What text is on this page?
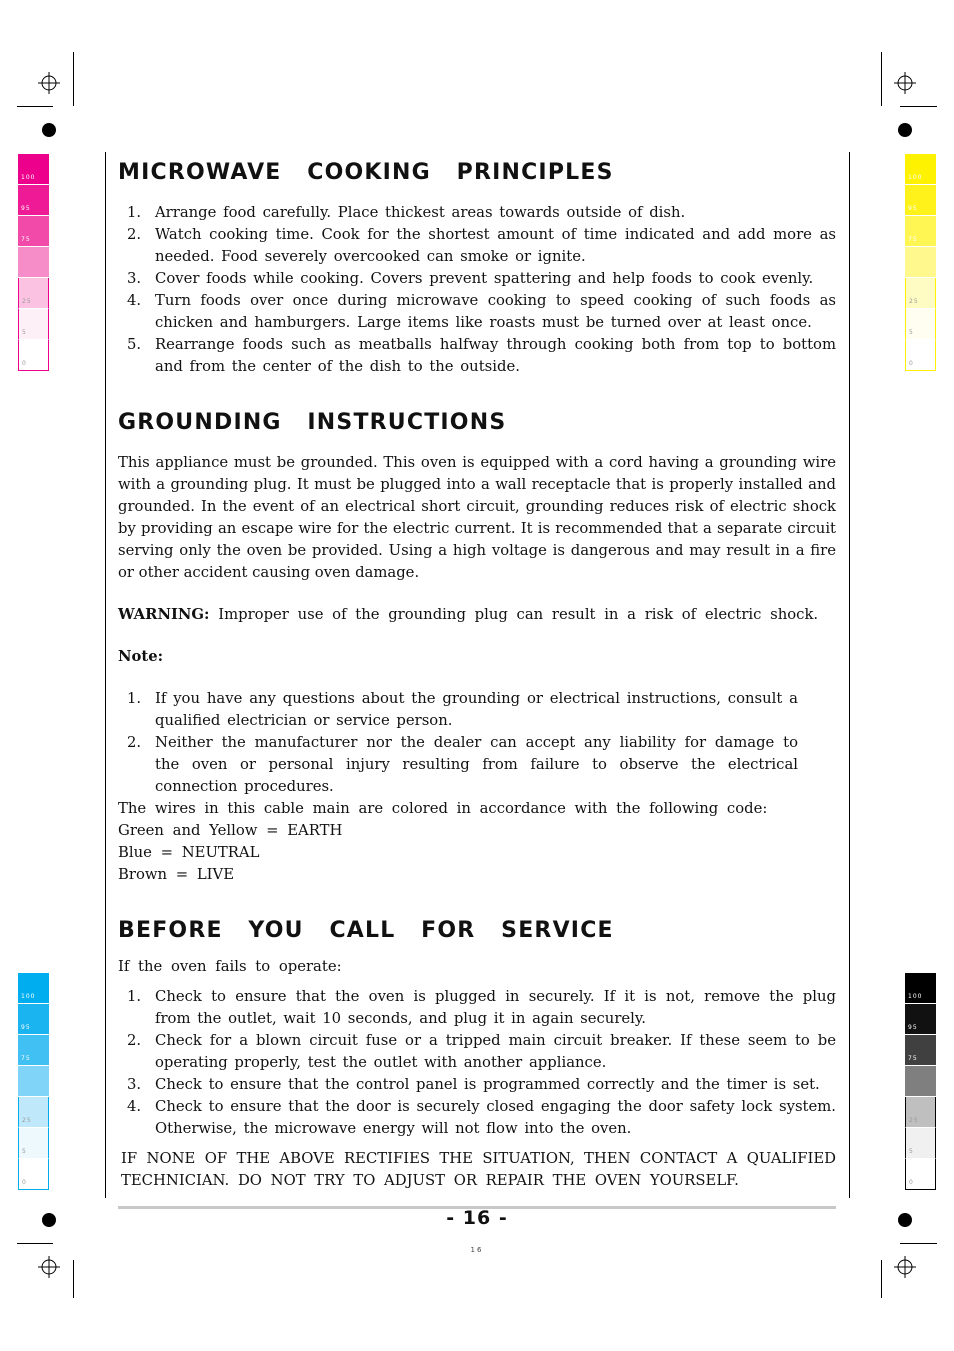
100
95
75
25
5
0
100
95
75
25
5
0
100
95
75
25
5
0
100
95
75
25
5
0
MICROWAVE  COOKING  PRINCIPLES
1. Arrange food carefully. Place thickest areas towards outside of dish.
2. Watch cooking time. Cook for the shortest amount of time indicated and add more as needed. Food severely overcooked can smoke or ignite.
3. Cover foods while cooking. Covers prevent spattering and help foods to cook evenly.
4. Turn foods over once during microwave cooking to speed cooking of such foods as chicken and hamburgers. Large items like roasts must be turned over at least once.
5. Rearrange foods such as meatballs halfway through cooking both from top to bottom and from the center of the dish to the outside.
GROUNDING  INSTRUCTIONS

This appliance must be grounded. This oven is equipped with a cord having a grounding wire with a grounding plug. It must be plugged into a wall receptacle that is properly installed and grounded. In the event of an electrical short circuit, grounding reduces risk of electric shock by providing an escape wire for the electric current. It is recommended that a separate circuit serving only the oven be provided. Using a high voltage is dangerous and may result in a fire or other accident causing oven damage.

WARNING: Improper use of the grounding plug can result in a risk of electric shock.

Note:

1. If you have any questions about the grounding or electrical instructions, consult a qualified electrician or service person.
2. Neither the manufacturer nor the dealer can accept any liability for damage to the oven or personal injury resulting from failure to observe the electrical connection procedures.

The wires in this cable main are colored in accordance with the following code:

Green and Yellow = EARTH

Blue = NEUTRAL

Brown = LIVE

BEFORE  YOU  CALL  FOR  SERVICE

If the oven fails to operate:

1. Check to ensure that the oven is plugged in securely. If it is not, remove the plug from the outlet, wait 10 seconds, and plug it in again securely.
2. Check for a blown circuit fuse or a tripped main circuit breaker. If these seem to be operating properly, test the outlet with another appliance.
3. Check to ensure that the control panel is programmed correctly and the timer is set.
4. Check to ensure that the door is securely closed engaging the door safety lock system. Otherwise, the microwave energy will not flow into the oven.

IF NONE OF THE ABOVE RECTIFIES THE SITUATION, THEN CONTACT A QUALIFIED TECHNICIAN. DO NOT TRY TO ADJUST OR REPAIR THE OVEN YOURSELF.

- 16 -
16
